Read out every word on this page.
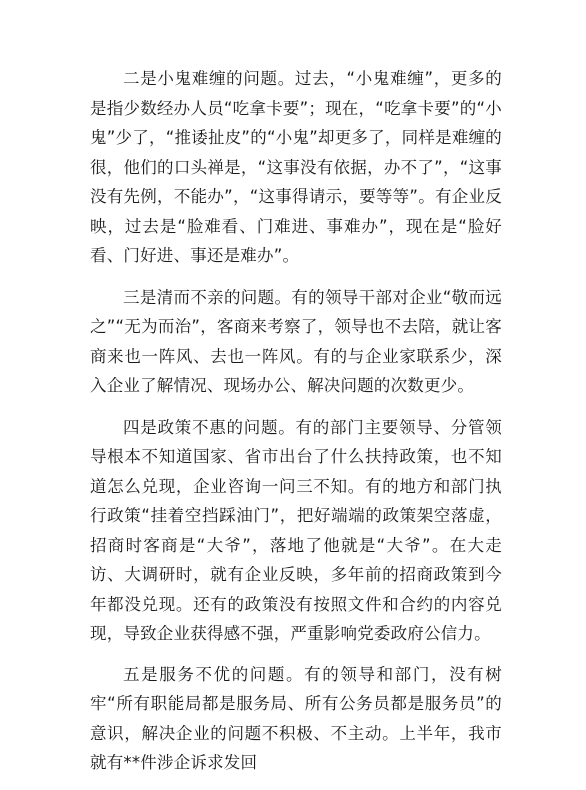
二是小鬼难缠的问题。过去，“小鬼难缠”，更多的是指少数经办人员“吃拿卡要”；现在，“吃拿卡要”的“小鬼”少了，“推诿扯皮”的“小鬼”却更多了，同样是难缠的很，他们的口头禅是，“这事没有依据，办不了”，“这事没有先例，不能办”，“这事得请示，要等等”。有企业反映，过去是“脸难看、门难进、事难办”，现在是“脸好看、门好进、事还是难办”。

三是清而不亲的问题。有的领导干部对企业“敬而远之”“无为而治”，客商来考察了，领导也不去陪，就让客商来也一阵风、去也一阵风。有的与企业家联系少，深入企业了解情况、现场办公、解决问题的次数更少。

四是政策不惠的问题。有的部门主要领导、分管领导根本不知道国家、省市出台了什么扶持政策，也不知道怎么兑现，企业咨询一问三不知。有的地方和部门执行政策“挂着空挡踩油门”，把好端端的政策架空落虚，招商时客商是“大爷”，落地了他就是“大爷”。在大走访、大调研时，就有企业反映，多年前的招商政策到今年都没兑现。还有的政策没有按照文件和合约的内容兑现，导致企业获得感不强，严重影响党委政府公信力。

五是服务不优的问题。有的领导和部门，没有树牢“所有职能局都是服务局、所有公务员都是服务员”的意识，解决企业的问题不积极、不主动。上半年，我市就有**件涉企诉求发回
